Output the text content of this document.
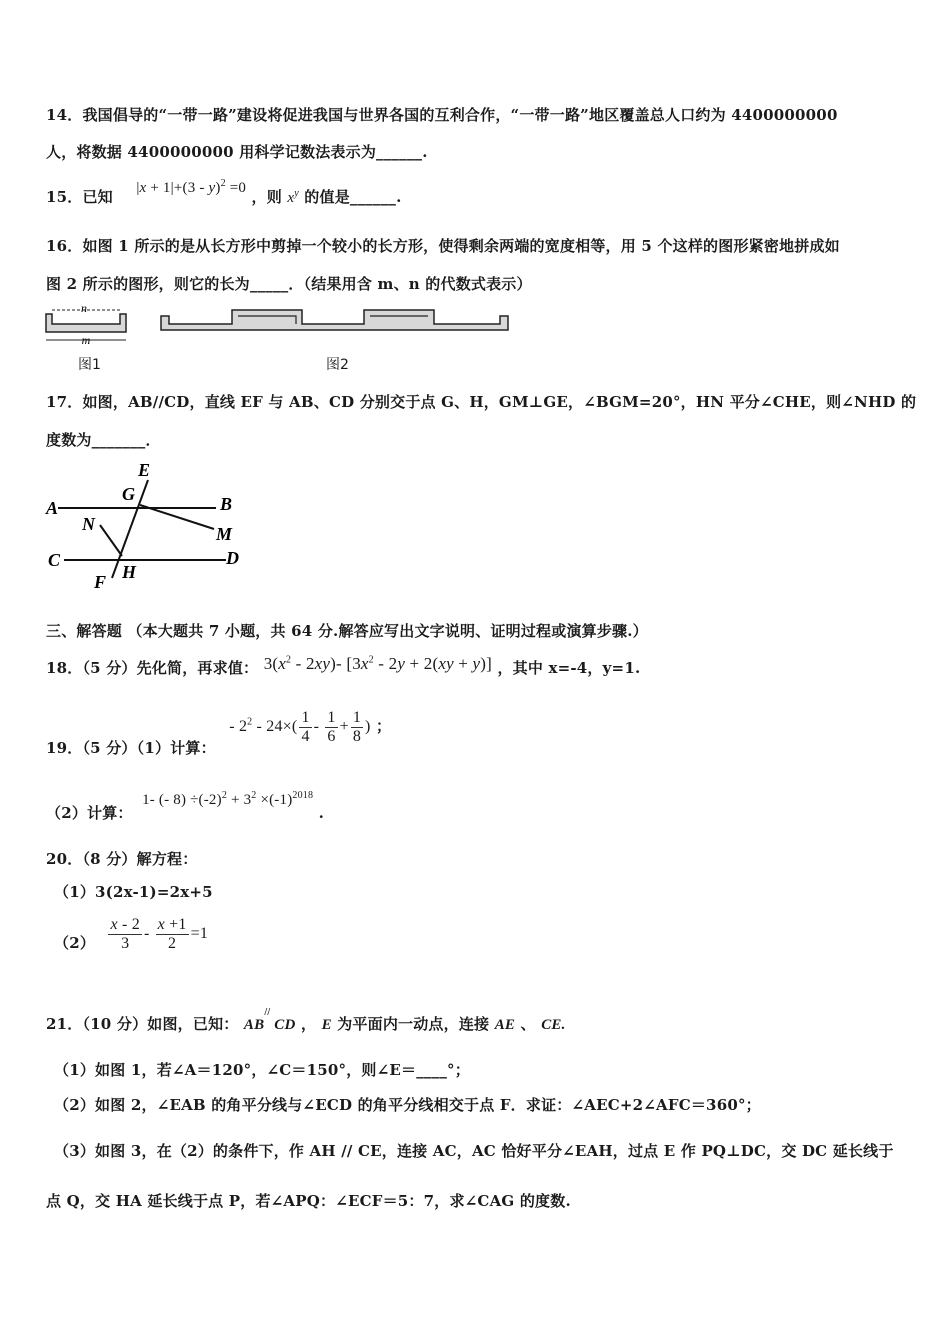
14．我国倡导的“一带一路”建设将促进我国与世界各国的互利合作，“一带一路”地区覆盖总人口约为 4400000000
人，将数据 4400000000 用科学记数法表示为______.
15．已知 |x + 1|+(3 - y)$^2$ =0 ，则 $x^y$ 的值是______.
16．如图 1 所示的是从长方形中剪掉一个较小的长方形，使得剩余两端的宽度相等，用 5 个这样的图形紧密地拼成如
图 2 所示的图形，则它的长为_____．（结果用含 m、n 的代数式表示）
n
m
图1	图2
17．如图，AB//CD，直线 EF 与 AB、CD 分别交于点 G、H，GM⊥GE，∠BGM=20°，HN 平分∠CHE，则∠NHD 的
度数为_______．
A	B
C	D
E
F
G
H
M
N
三、解答题 （本大题共 7 小题，共 64 分.解答应写出文字说明、证明过程或演算步骤.）
18．（5 分）先化简，再求值： $3(x^2 - 2xy)-$ $[3x^2 - 2y + 2(xy + y)]$ ，其中 x=-4，y=1.
19．（5 分）（1）计算： - $2^2 - 24\times( \frac{1}{4} - \frac{1}{6} + \frac{1}{8}$ ) ；
（2）计算： 1- (- $8) \div(-2)^2 + 3^2 \times(-1)^{2018}$ .
20．（8 分）解方程：
（1）3(2x-1)=2x+5
$(2) \frac{x - 2}{3} - \frac{x +1}{2} =1$
21．（10 分）如图，已知： AB// CD ， E 为平面内一动点，连接 AE 、 CE.
（1）如图 1，若∠A＝120°，∠C＝150°，则∠E＝____°；
（2）如图 2，∠EAB 的角平分线与∠ECD 的角平分线相交于点 F．求证：∠AEC+2∠AFC＝360°；
（3）如图 3，在（2）的条件下，作 AH // CE，连接 AC，AC 恰好平分∠EAH，过点 E 作 PQ⊥DC，交 DC 延长线于
点 Q，交 HA 延长线于点 P，若∠APQ：∠ECF＝5：7，求∠CAG 的度数.
